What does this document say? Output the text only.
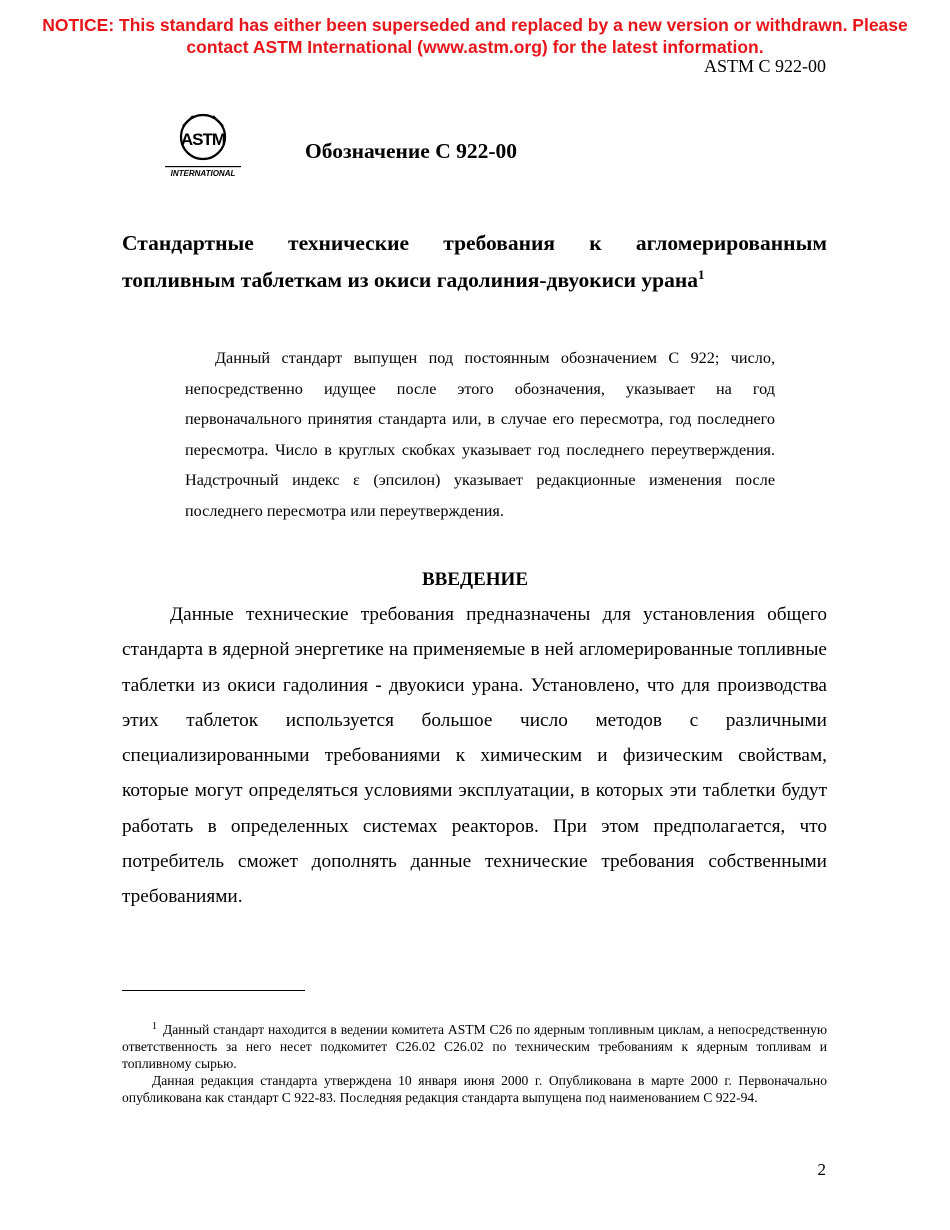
NOTICE: This standard has either been superseded and replaced by a new version or withdrawn. Please
contact ASTM International (www.astm.org) for the latest information.
ASTM C 922-00
ASTM
INTERNATIONAL
Обозначение С 922-00
Стандартные технические требования к агломерированным топливным таблеткам из окиси гадолиния-двуокиси урана$^1$
Данный стандарт выпущен под постоянным обозначением С 922; число, непосредственно идущее после этого обозначения, указывает на год первоначального принятия стандарта или, в случае его пересмотра, год последнего пересмотра. Число в круглых скобках указывает год последнего переутверждения. Надстрочный индекс ε (эпсилон) указывает редакционные изменения после последнего пересмотра или переутверждения.
ВВЕДЕНИЕ
Данные технические требования предназначены для установления общего стандарта в ядерной энергетике на применяемые в ней агломерированные топливные таблетки из окиси гадолиния - двуокиси урана. Установлено, что для производства этих таблеток используется большое число методов с различными специализированными требованиями к химическим и физическим свойствам, которые могут определяться условиями эксплуатации, в которых эти таблетки будут работать в определенных системах реакторов. При этом предполагается, что потребитель сможет дополнять данные технические требования собственными требованиями.

$^1$ Данный стандарт находится в ведении комитета ASTM C26 по ядерным топливным циклам, а непосредственную ответственность за него несет подкомитет C26.02 C26.02 по техническим требованиям к ядерным топливам и топливному сырью.

Данная редакция стандарта утверждена 10 января июня 2000 г. Опубликована в марте 2000 г. Первоначально опубликована как стандарт С 922-83. Последняя редакция стандарта выпущена под наименованием С 922-94.

2
